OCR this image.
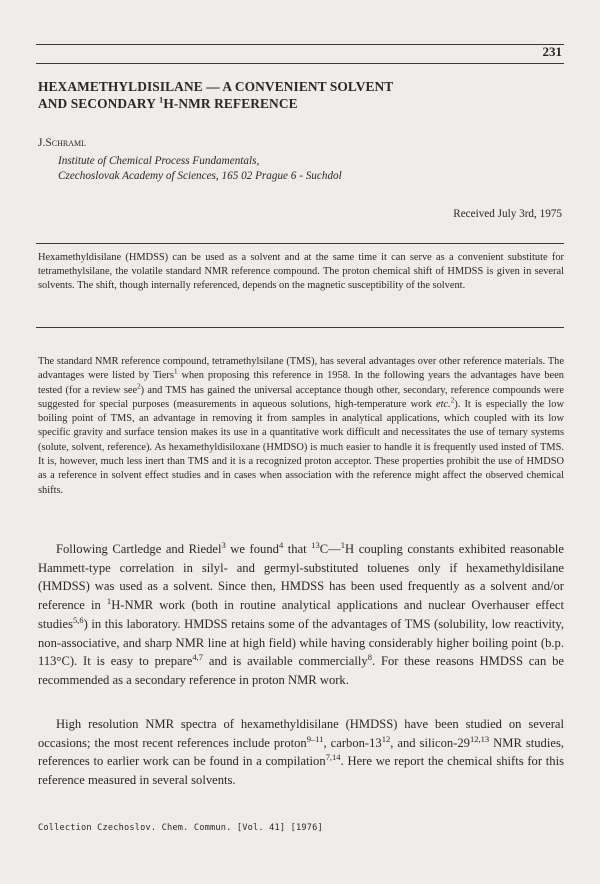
231
HEXAMETHYLDISILANE — A CONVENIENT SOLVENT
AND SECONDARY $^1$H-NMR REFERENCE
J.Schraml
Institute of Chemical Process Fundamentals,
Czechoslovak Academy of Sciences, 165 02 Prague 6 - Suchdol
Received July 3rd, 1975

Hexamethyldisilane (HMDSS) can be used as a solvent and at the same time it can serve as a convenient substitute for tetramethylsilane, the volatile standard NMR reference compound. The proton chemical shift of HMDSS is given in several solvents. The shift, though internally referenced, depends on the magnetic susceptibility of the solvent.

The standard NMR reference compound, tetramethylsilane (TMS), has several advantages over other reference materials. The advantages were listed by Tiers$^1$ when proposing this reference in 1958. In the following years the advantages have been tested (for a review see$^2$) and TMS has gained the universal acceptance though other, secondary, reference compounds were suggested for special purposes (measurements in aqueous solutions, high-temperature work etc.$^2$). It is especially the low boiling point of TMS, an advantage in removing it from samples in analytical applications, which coupled with its low specific gravity and surface tension makes its use in a quantitative work difficult and necessitates the use of ternary systems (solute, solvent, reference). As hexamethyldisiloxane (HMDSO) is much easier to handle it is frequently used insted of TMS. It is, however, much less inert than TMS and it is a recognized proton acceptor. These properties prohibit the use of HMDSO as a reference in solvent effect studies and in cases when association with the reference might affect the observed chemical shifts.

Following Cartledge and Riedel$^3$ we found$^4$ that $^{13}$C—$^1$H coupling constants exhibited reasonable Hammett-type correlation in silyl- and germyl-substituted toluenes only if hexamethyldisilane (HMDSS) was used as a solvent. Since then, HMDSS has been used frequently as a solvent and/or reference in $^1$H-NMR work (both in routine analytical applications and nuclear Overhauser effect studies$^{5,6}$) in this laboratory. HMDSS retains some of the advantages of TMS (solubility, low reactivity, non-associative, and sharp NMR line at high field) while having considerably higher boiling point (b.p. 113°C). It is easy to prepare$^{4,7}$ and is available commercially$^8$. For these reasons HMDSS can be recommended as a secondary reference in proton NMR work.

High resolution NMR spectra of hexamethyldisilane (HMDSS) have been studied on several occasions; the most recent references include proton$^{9-11}$, carbon-$13^{12}$, and silicon-29$^{12,13}$ NMR studies, references to earlier work can be found in a compilation$^{7,14}$. Here we report the chemical shifts for this reference measured in several solvents.

Collection Czechoslov. Chem. Commun. [Vol. 41] [1976]
